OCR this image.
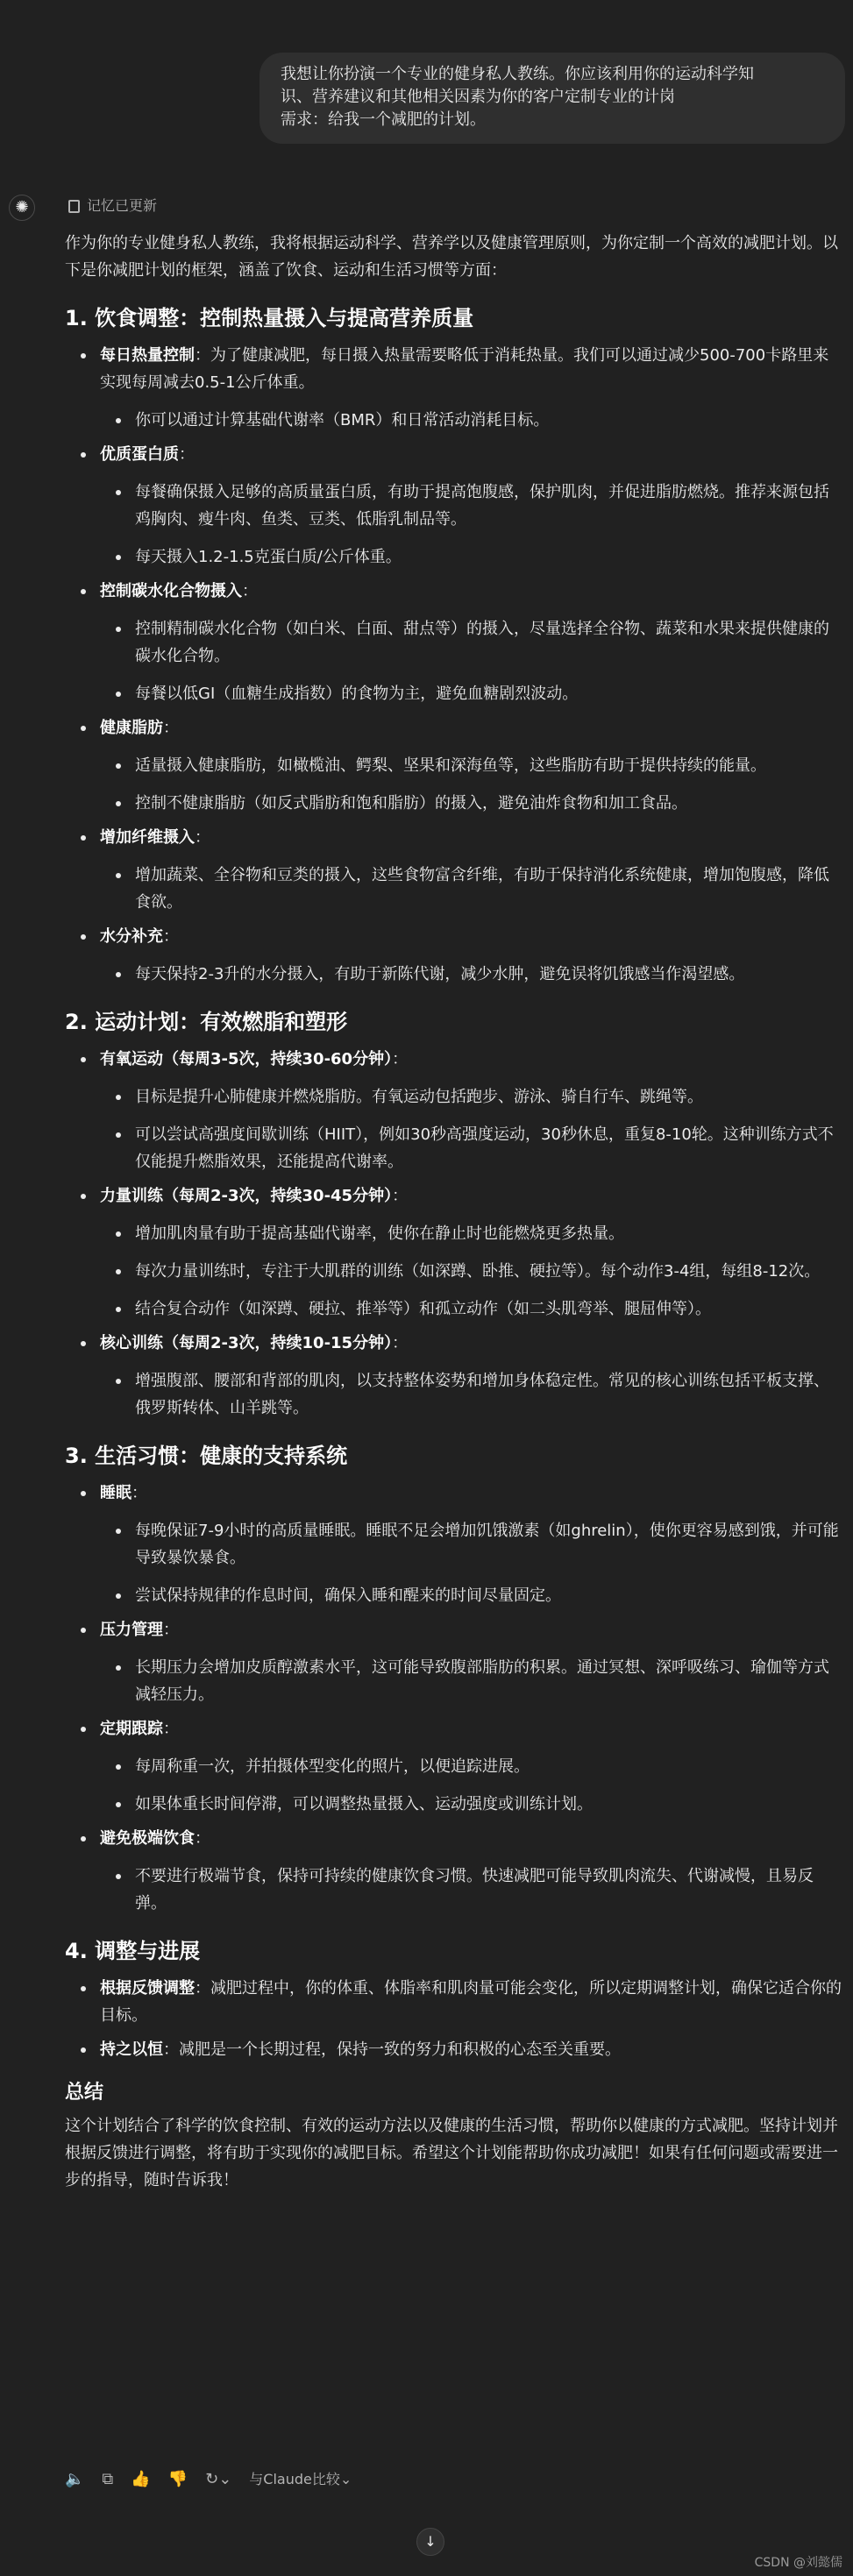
我想让你扮演一个专业的健身私人教练。你应该利用你的运动科学知
识、营养建议和其他相关因素为你的客户定制专业的计岗
需求：给我一个减肥的计划。
✺	记忆已更新

作为你的专业健身私人教练，我将根据运动科学、营养学以及健康管理原则，为你定制一个高效的减肥计划。以下是你减肥计划的框架，涵盖了饮食、运动和生活习惯等方面：

1. 饮食调整：控制热量摄入与提高营养质量
每日热量控制：为了健康减肥，每日摄入热量需要略低于消耗热量。我们可以通过减少500-700卡路里来实现每周减去0.5-1公斤体重。
你可以通过计算基础代谢率（BMR）和日常活动消耗目标。
优质蛋白质：
每餐确保摄入足够的高质量蛋白质，有助于提高饱腹感，保护肌肉，并促进脂肪燃烧。推荐来源包括鸡胸肉、瘦牛肉、鱼类、豆类、低脂乳制品等。
每天摄入1.2-1.5克蛋白质/公斤体重。
控制碳水化合物摄入：
控制精制碳水化合物（如白米、白面、甜点等）的摄入，尽量选择全谷物、蔬菜和水果来提供健康的碳水化合物。
每餐以低GI（血糖生成指数）的食物为主，避免血糖剧烈波动。
健康脂肪：
适量摄入健康脂肪，如橄榄油、鳄梨、坚果和深海鱼等，这些脂肪有助于提供持续的能量。
控制不健康脂肪（如反式脂肪和饱和脂肪）的摄入，避免油炸食物和加工食品。
增加纤维摄入：
增加蔬菜、全谷物和豆类的摄入，这些食物富含纤维，有助于保持消化系统健康，增加饱腹感，降低食欲。
水分补充：
每天保持2-3升的水分摄入，有助于新陈代谢，减少水肿，避免误将饥饿感当作渴望感。
2. 运动计划：有效燃脂和塑形
有氧运动（每周3-5次，持续30-60分钟）：
目标是提升心肺健康并燃烧脂肪。有氧运动包括跑步、游泳、骑自行车、跳绳等。
可以尝试高强度间歇训练（HIIT），例如30秒高强度运动，30秒休息，重复8-10轮。这种训练方式不仅能提升燃脂效果，还能提高代谢率。
力量训练（每周2-3次，持续30-45分钟）：
增加肌肉量有助于提高基础代谢率，使你在静止时也能燃烧更多热量。
每次力量训练时，专注于大肌群的训练（如深蹲、卧推、硬拉等）。每个动作3-4组，每组8-12次。
结合复合动作（如深蹲、硬拉、推举等）和孤立动作（如二头肌弯举、腿屈伸等）。
核心训练（每周2-3次，持续10-15分钟）：
增强腹部、腰部和背部的肌肉，以支持整体姿势和增加身体稳定性。常见的核心训练包括平板支撑、俄罗斯转体、山羊跳等。
3. 生活习惯：健康的支持系统
睡眠：
每晚保证7-9小时的高质量睡眠。睡眠不足会增加饥饿激素（如ghrelin），使你更容易感到饿，并可能导致暴饮暴食。
尝试保持规律的作息时间，确保入睡和醒来的时间尽量固定。
压力管理：
长期压力会增加皮质醇激素水平，这可能导致腹部脂肪的积累。通过冥想、深呼吸练习、瑜伽等方式减轻压力。
定期跟踪：
每周称重一次，并拍摄体型变化的照片，以便追踪进展。
如果体重长时间停滞，可以调整热量摄入、运动强度或训练计划。
避免极端饮食：
不要进行极端节食，保持可持续的健康饮食习惯。快速减肥可能导致肌肉流失、代谢减慢，且易反弹。
4. 调整与进展
根据反馈调整：减肥过程中，你的体重、体脂率和肌肉量可能会变化，所以定期调整计划，确保它适合你的目标。
持之以恒：减肥是一个长期过程，保持一致的努力和积极的心态至关重要。
总结

这个计划结合了科学的饮食控制、有效的运动方法以及健康的生活习惯，帮助你以健康的方式减肥。坚持计划并根据反馈进行调整，将有助于实现你的减肥目标。希望这个计划能帮助你成功减肥！如果有任何问题或需要进一步的指导，随时告诉我！

🔈 ⧉ 👍 👎 ↻⌄ 与Claude比较⌄
↓
CSDN @刘懿儒
